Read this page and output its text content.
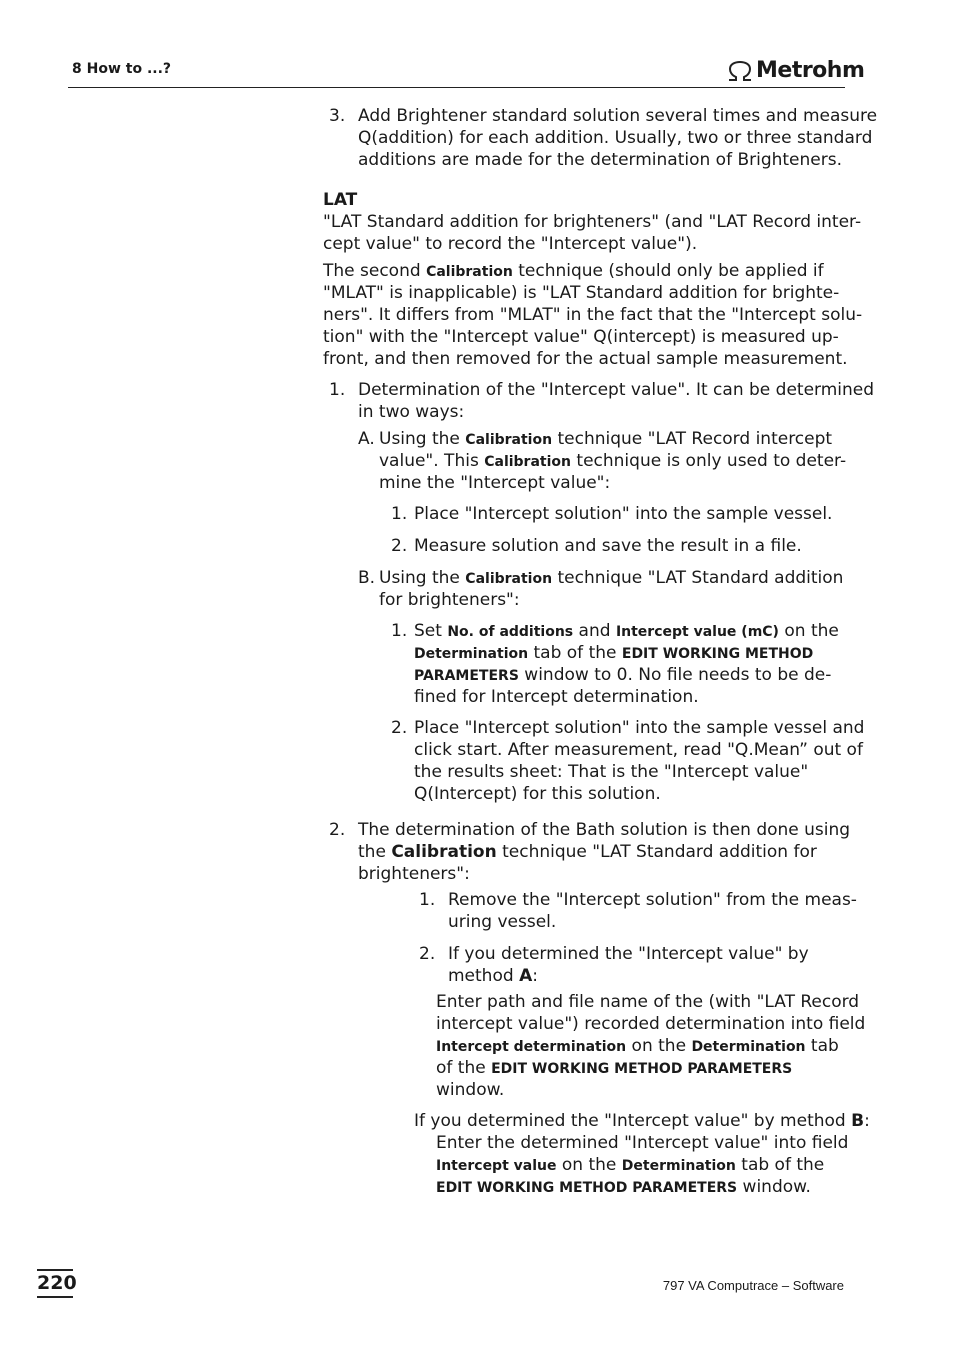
8 How to ...?	Metrohm
3. Add Brightener standard solution several times and measure
Q(addition) for each addition. Usually, two or three standard
additions are made for the determination of Brighteners.
LAT
"LAT Standard addition for brighteners" (and "LAT Record inter-
cept value" to record the "Intercept value").
The second Calibration technique (should only be applied if
"MLAT" is inapplicable) is "LAT Standard addition for brighte-
ners". It differs from "MLAT" in the fact that the "Intercept solu-
tion" with the "Intercept value" Q(intercept) is measured up-
front, and then removed for the actual sample measurement.
1. Determination of the "Intercept value". It can be determined
in two ways:
A. Using the Calibration technique "LAT Record intercept
value". This Calibration technique is only used to deter-
mine the "Intercept value":
1. Place "Intercept solution" into the sample vessel.
2. Measure solution and save the result in a file.
B. Using the Calibration technique "LAT Standard addition
for brighteners":
1. Set No. of additions and Intercept value (mC) on the
Determination tab of the EDIT WORKING METHOD
PARAMETERS window to 0. No file needs to be de-
fined for Intercept determination.
2. Place "Intercept solution" into the sample vessel and
click start. After measurement, read "Q.Mean” out of
the results sheet: That is the "Intercept value"
Q(Intercept) for this solution.
2. The determination of the Bath solution is then done using
the Calibration technique "LAT Standard addition for
brighteners":
1. Remove the "Intercept solution" from the meas-
uring vessel.
2. If you determined the "Intercept value" by
method A:
Enter path and file name of the (with "LAT Record
intercept value") recorded determination into field
Intercept determination on the Determination tab
of the EDIT WORKING METHOD PARAMETERS
window.
If you determined the "Intercept value" by method B:
Enter the determined "Intercept value" into field
Intercept value on the Determination tab of the
EDIT WORKING METHOD PARAMETERS window.
220	797 VA Computrace – Software
